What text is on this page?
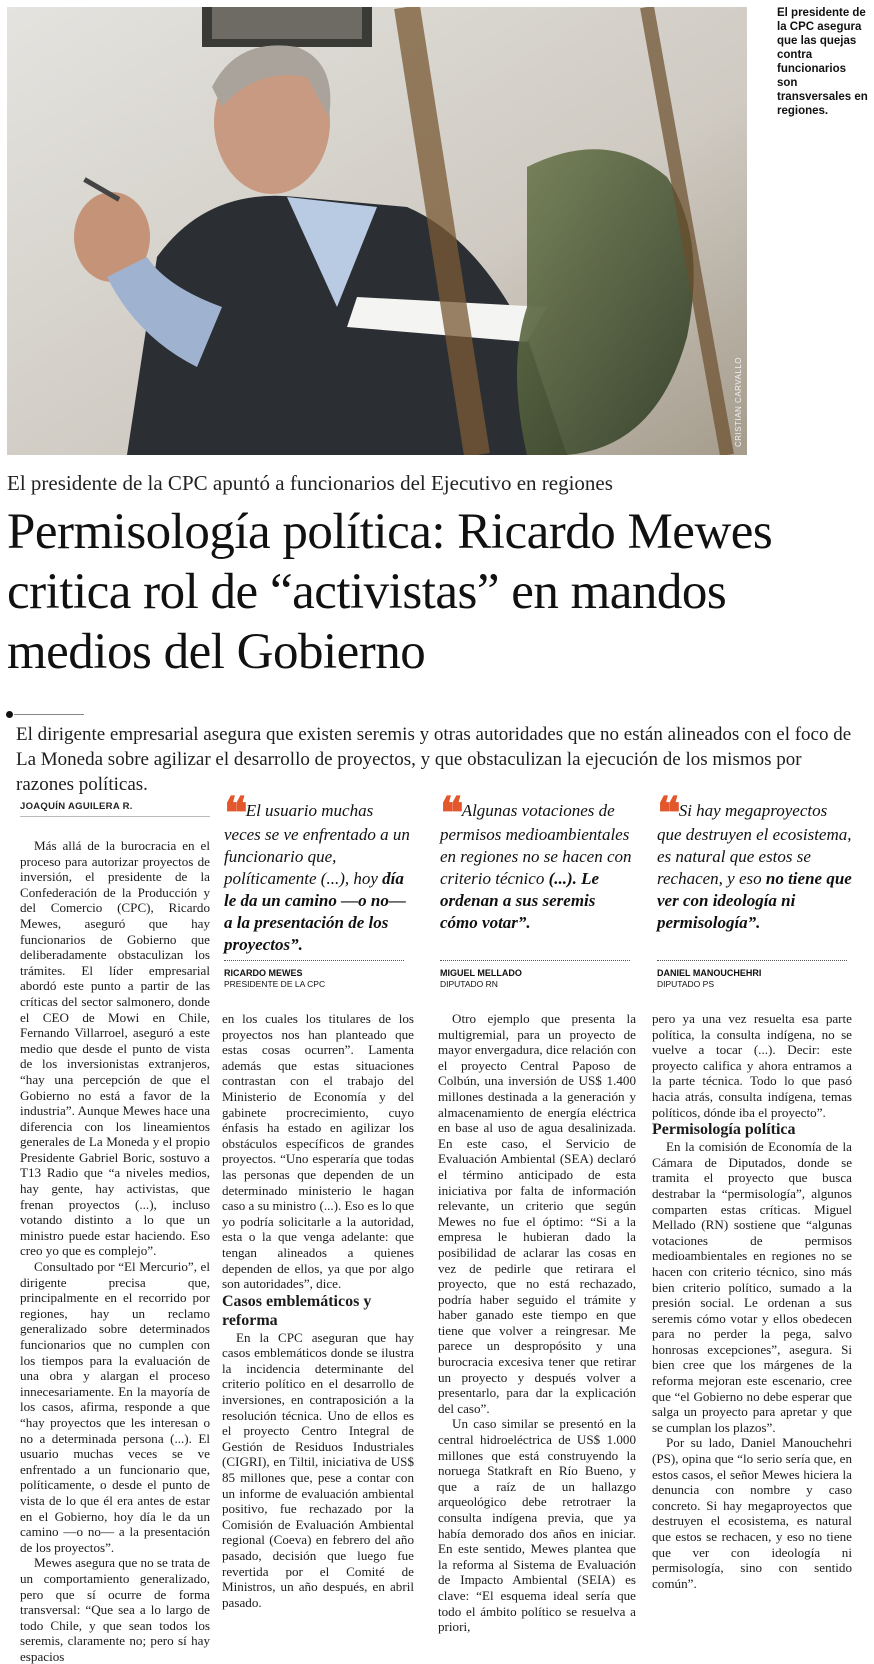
CRISTIAN CARVALLO
El presidente de la CPC asegura que las quejas contra funcionarios son transversales en regiones.
El presidente de la CPC apuntó a funcionarios del Ejecutivo en regiones
Permisología política: Ricardo Mewes critica rol de “activistas” en mandos medios del Gobierno

El dirigente empresarial asegura que existen seremis y otras autoridades que no están alineados con el foco de La Moneda sobre agilizar el desarrollo de proyectos, y que obstaculizan la ejecución de los mismos por razones políticas.

JOAQUÍN AGUILERA R. ❝ El usuario muchas veces se ve enfrentado a un funcionario que, políticamente (...), hoy día le da un camino —o no— a la presentación de los proyectos”.
❝ Algunas votaciones de permisos medioambientales en regiones no se hacen con criterio técnico (...). Le ordenan a sus seremis cómo votar”.
❝ Si hay megaproyectos que destruyen el ecosistema, es natural que estos se rechacen, y eso no tiene que ver con ideología ni permisología”.
RICARDO MEWES
PRESIDENTE DE LA CPC
MIGUEL MELLADO
DIPUTADO RN
DANIEL MANOUCHEHRI
DIPUTADO PS

Más allá de la burocracia en el proceso para autorizar proyectos de inversión, el presidente de la Confederación de la Producción y del Comercio (CPC), Ricardo Mewes, aseguró que hay funcionarios de Gobierno que deliberadamente obstaculizan los trámites. El líder empresarial abordó este punto a partir de las críticas del sector salmonero, donde el CEO de Mowi en Chile, Fernando Villarroel, aseguró a este medio que desde el punto de vista de los inversionistas extranjeros, “hay una percepción de que el Gobierno no está a favor de la industria”. Aunque Mewes hace una diferencia con los lineamientos generales de La Moneda y el propio Presidente Gabriel Boric, sostuvo a T13 Radio que “a niveles medios, hay gente, hay activistas, que frenan proyectos (...), incluso votando distinto a lo que un ministro puede estar haciendo. Eso creo yo que es complejo”.

Consultado por “El Mercurio”, el dirigente precisa que, principalmente en el recorrido por regiones, hay un reclamo generalizado sobre determinados funcionarios que no cumplen con los tiempos para la evaluación de una obra y alargan el proceso innecesariamente. En la mayoría de los casos, afirma, responde a que “hay proyectos que les interesan o no a determinada persona (...). El usuario muchas veces se ve enfrentado a un funcionario que, políticamente, o desde el punto de vista de lo que él era antes de estar en el Gobierno, hoy día le da un camino —o no— a la presentación de los proyectos”.

Mewes asegura que no se trata de un comportamiento generalizado, pero que sí ocurre de forma transversal: “Que sea a lo largo de todo Chile, y que sean todos los seremis, claramente no; pero sí hay espacios

en los cuales los titulares de los proyectos nos han planteado que estas cosas ocurren”. Lamenta además que estas situaciones contrastan con el trabajo del Ministerio de Economía y del gabinete procrecimiento, cuyo énfasis ha estado en agilizar los obstáculos específicos de grandes proyectos. “Uno esperaría que todas las personas que dependen de un determinado ministerio le hagan caso a su ministro (...). Eso es lo que yo podría solicitarle a la autoridad, esta o la que venga adelante: que tengan alineados a quienes dependen de ellos, ya que por algo son autoridades”, dice.

Casos emblemáticos y reforma

En la CPC aseguran que hay casos emblemáticos donde se ilustra la incidencia determinante del criterio político en el desarrollo de inversiones, en contraposición a la resolución técnica. Uno de ellos es el proyecto Centro Integral de Gestión de Residuos Industriales (CIGRI), en Tiltil, iniciativa de US$ 85 millones que, pese a contar con un informe de evaluación ambiental positivo, fue rechazado por la Comisión de Evaluación Ambiental regional (Coeva) en febrero del año pasado, decisión que luego fue revertida por el Comité de Ministros, un año después, en abril pasado.

Otro ejemplo que presenta la multigremial, para un proyecto de mayor envergadura, dice relación con el proyecto Central Paposo de Colbún, una inversión de US$ 1.400 millones destinada a la generación y almacenamiento de energía eléctrica en base al uso de agua desalinizada. En este caso, el Servicio de Evaluación Ambiental (SEA) declaró el término anticipado de esta iniciativa por falta de información relevante, un criterio que según Mewes no fue el óptimo: “Si a la empresa le hubieran dado la posibilidad de aclarar las cosas en vez de pedirle que retirara el proyecto, que no está rechazado, podría haber seguido el trámite y haber ganado este tiempo en que tiene que volver a reingresar. Me parece un despropósito y una burocracia excesiva tener que retirar un proyecto y después volver a presentarlo, para dar la explicación del caso”.

Un caso similar se presentó en la central hidroeléctrica de US$ 1.000 millones que está construyendo la noruega Statkraft en Río Bueno, y que a raíz de un hallazgo arqueológico debe retrotraer la consulta indígena previa, que ya había demorado dos años en iniciar. En este sentido, Mewes plantea que la reforma al Sistema de Evaluación de Impacto Ambiental (SEIA) es clave: “El esquema ideal sería que todo el ámbito político se resuelva a priori,

pero ya una vez resuelta esa parte política, la consulta indígena, no se vuelve a tocar (...). Decir: este proyecto califica y ahora entramos a la parte técnica. Todo lo que pasó hacia atrás, consulta indígena, temas políticos, dónde iba el proyecto”.

Permisología política

En la comisión de Economía de la Cámara de Diputados, donde se tramita el proyecto que busca destrabar la “permisología”, algunos comparten estas críticas. Miguel Mellado (RN) sostiene que “algunas votaciones de permisos medioambientales en regiones no se hacen con criterio técnico, sino más bien criterio político, sumado a la presión social. Le ordenan a sus seremis cómo votar y ellos obedecen para no perder la pega, salvo honrosas excepciones”, asegura. Si bien cree que los márgenes de la reforma mejoran este escenario, cree que “el Gobierno no debe esperar que salga un proyecto para apretar y que se cumplan los plazos”.

Por su lado, Daniel Manouchehri (PS), opina que “lo serio sería que, en estos casos, el señor Mewes hiciera la denuncia con nombre y caso concreto. Si hay megaproyectos que destruyen el ecosistema, es natural que estos se rechacen, y eso no tiene que ver con ideología ni permisología, sino con sentido común”.
